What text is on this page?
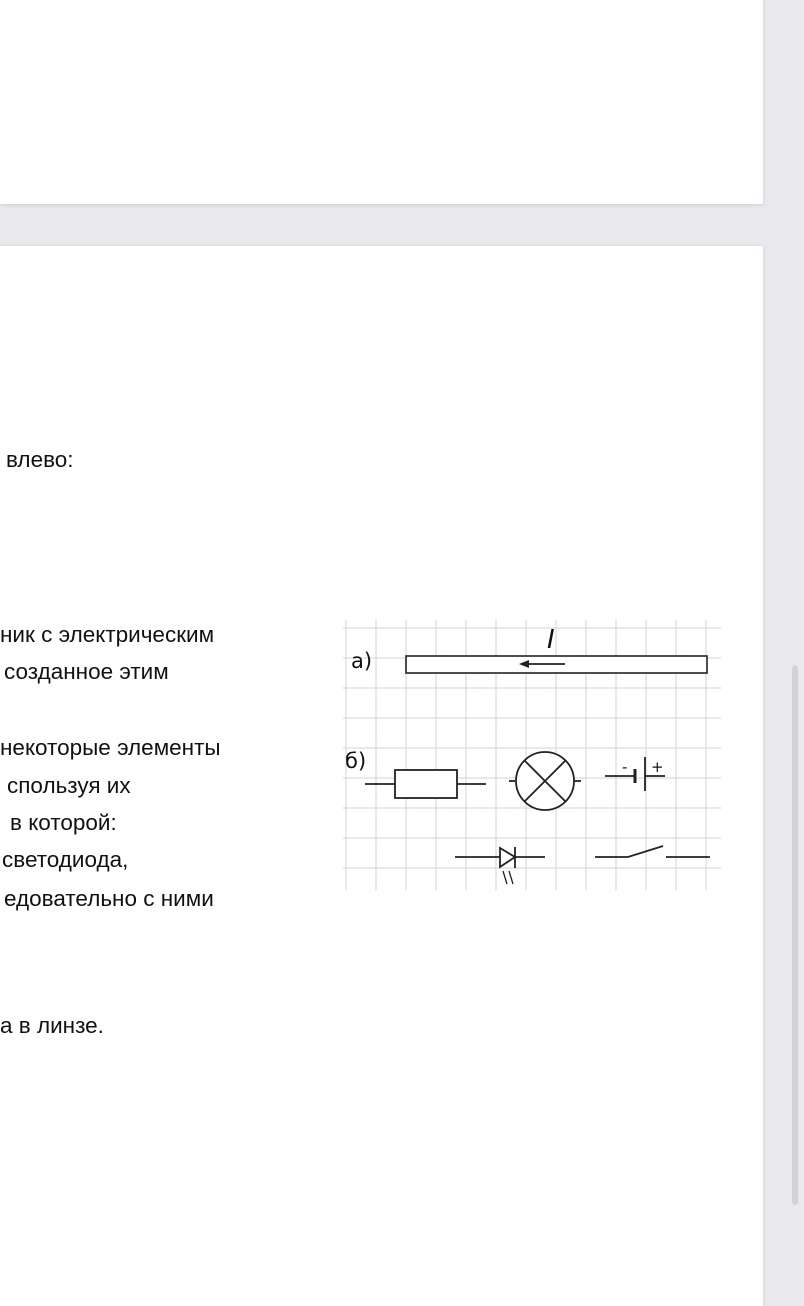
влево:
ник с электрическим
созданное этим
некоторые элементы
спользуя их
в которой:
светодиода,
едовательно с ними
а в линзе.
а)
I
б)	- +
